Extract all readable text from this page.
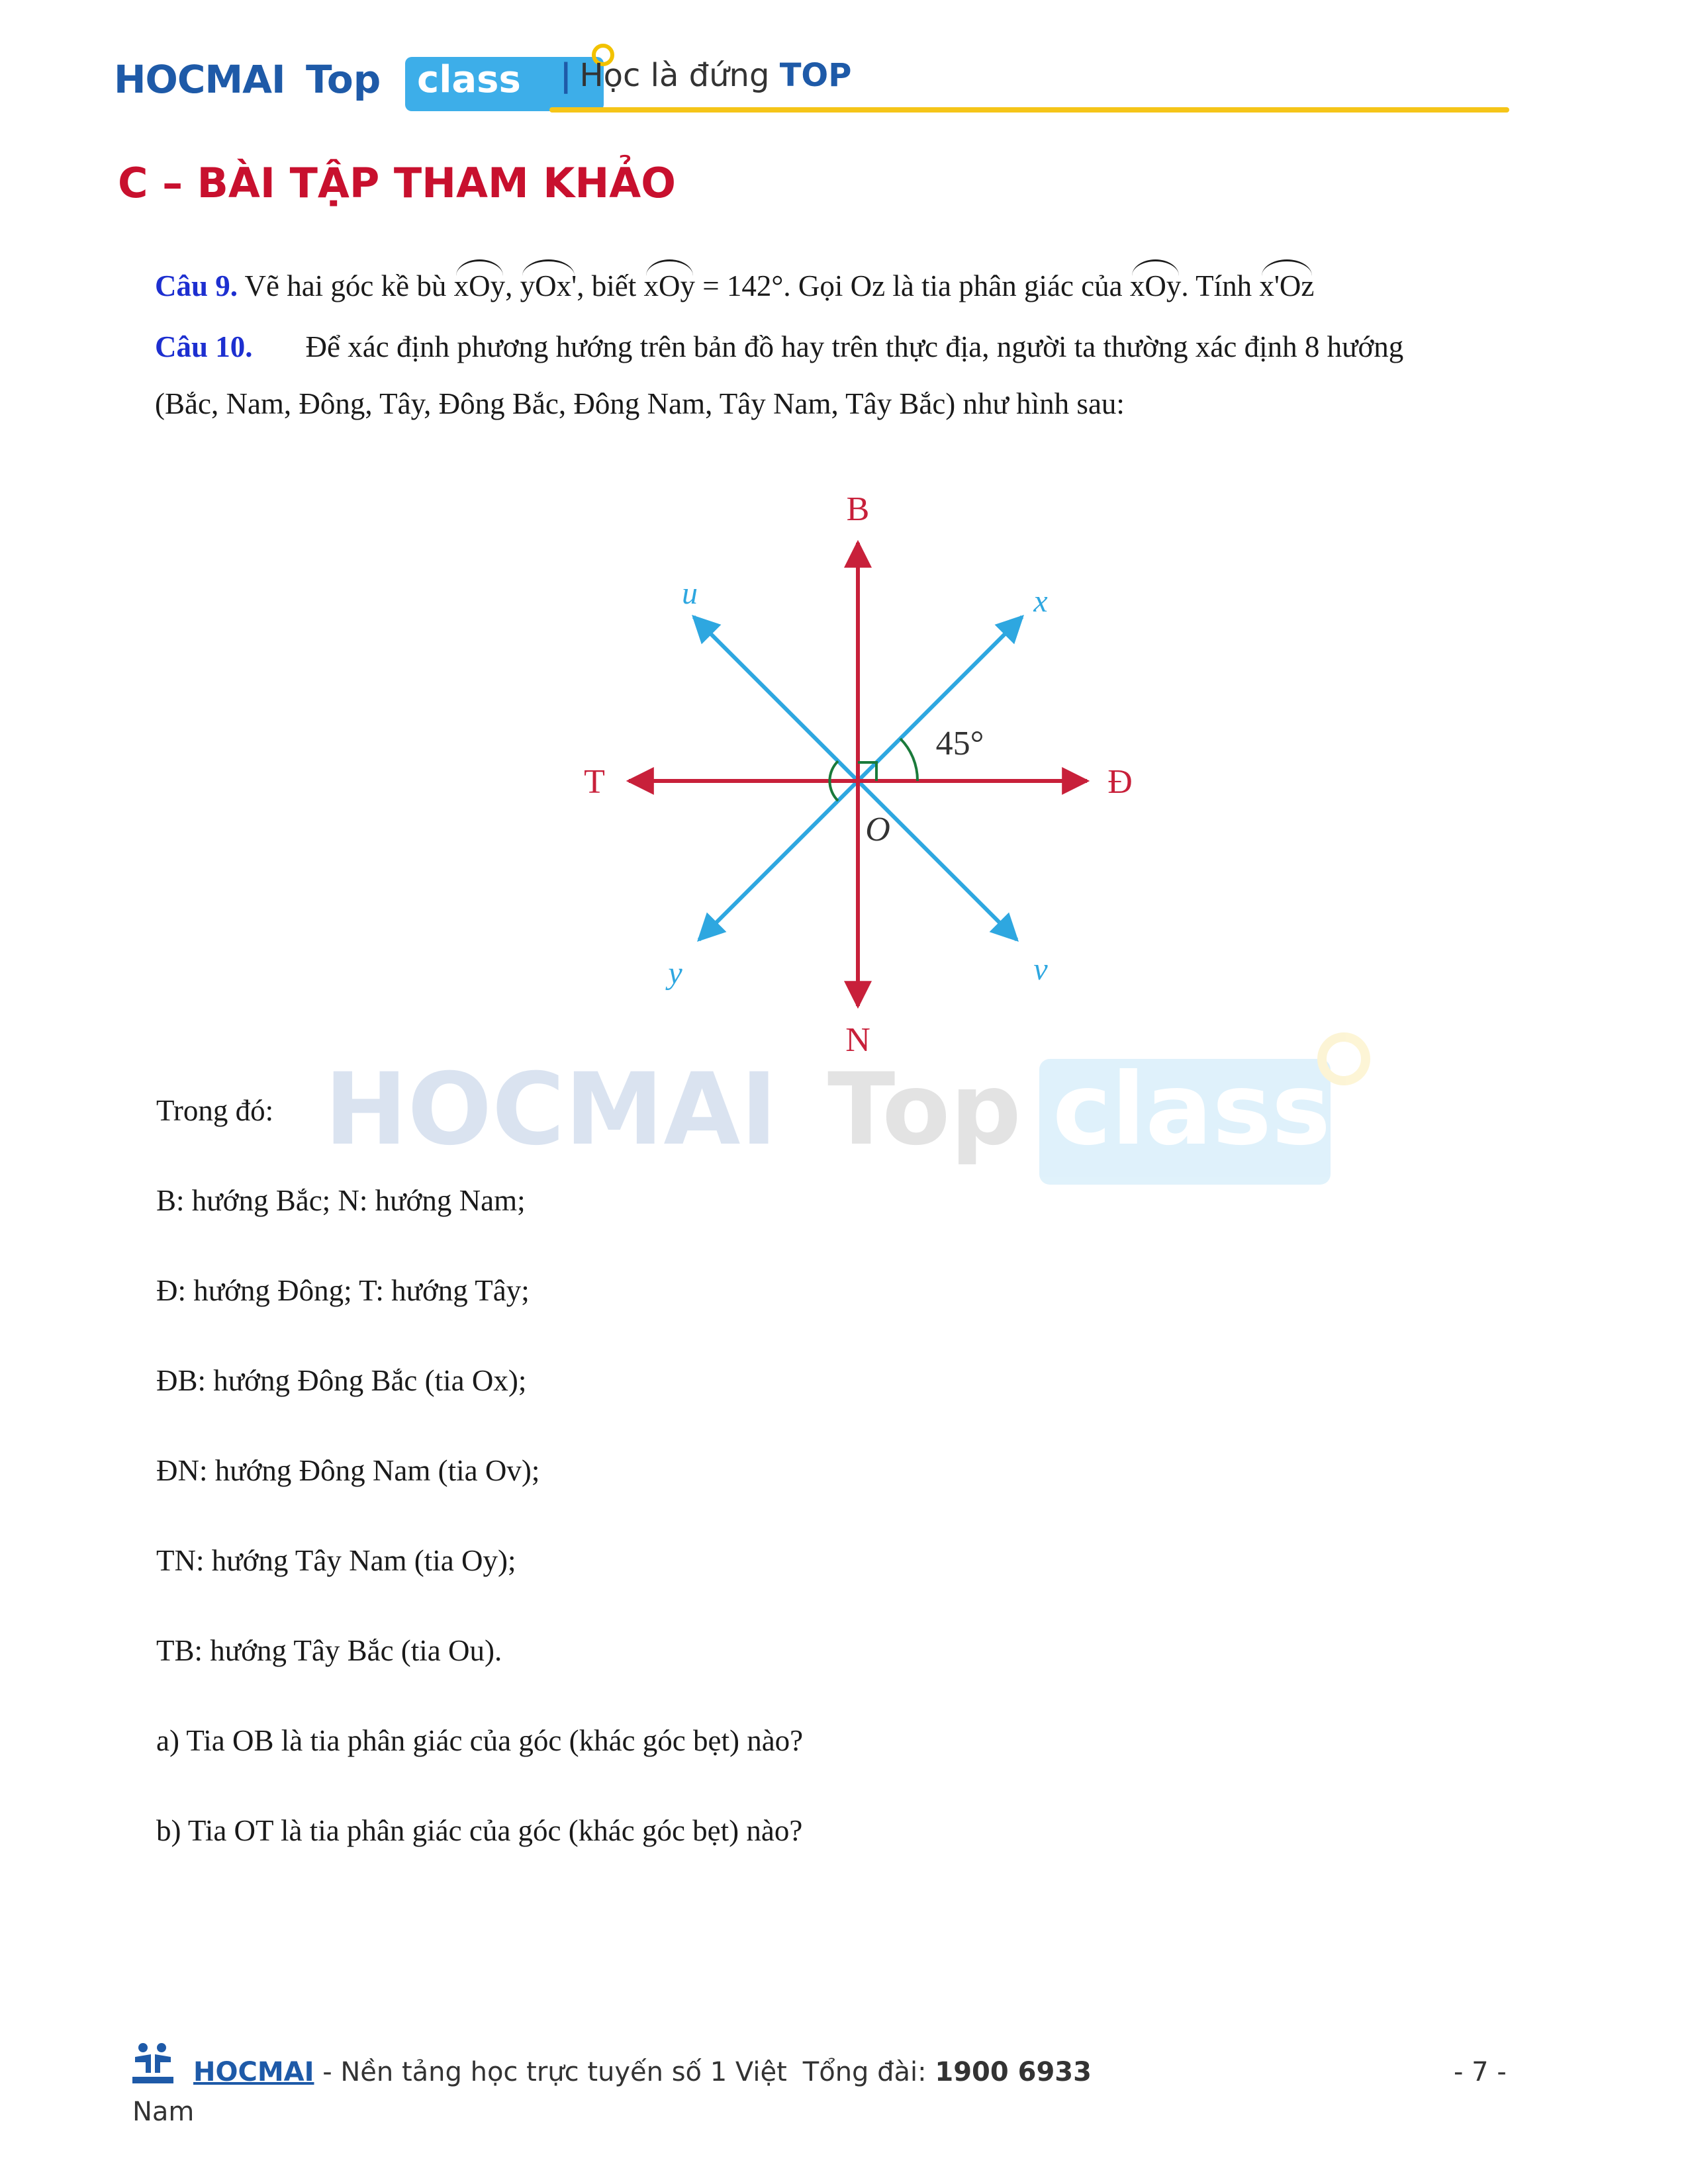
HOCMAI Top class | Học là đứng TOP
C – BÀI TẬP THAM KHẢO
Câu 9. Vẽ hai góc kề bù xOy, yOx', biết xOy = 142°. Gọi Oz là tia phân giác của xOy. Tính x'Oz
Câu 10. Để xác định phương hướng trên bản đồ hay trên thực địa, người ta thường xác định 8 hướng
(Bắc, Nam, Đông, Tây, Đông Bắc, Đông Nam, Tây Nam, Tây Bắc) như hình sau:
B
N
Đ
T
x
u
y	v
O
45°
HOCMAI Top class
Trong đó:
B: hướng Bắc; N: hướng Nam;
Đ: hướng Đông; T: hướng Tây;
ĐB: hướng Đông Bắc (tia Ox);
ĐN: hướng Đông Nam (tia Ov);
TN: hướng Tây Nam (tia Oy);
TB: hướng Tây Bắc (tia Ou).
a) Tia OB là tia phân giác của góc (khác góc bẹt) nào?
b) Tia OT là tia phân giác của góc (khác góc bẹt) nào?
HOCMAI - Nền tảng học trực tuyến số 1 Việt Tổng đài: 1900 6933
Nam
- 7 -
